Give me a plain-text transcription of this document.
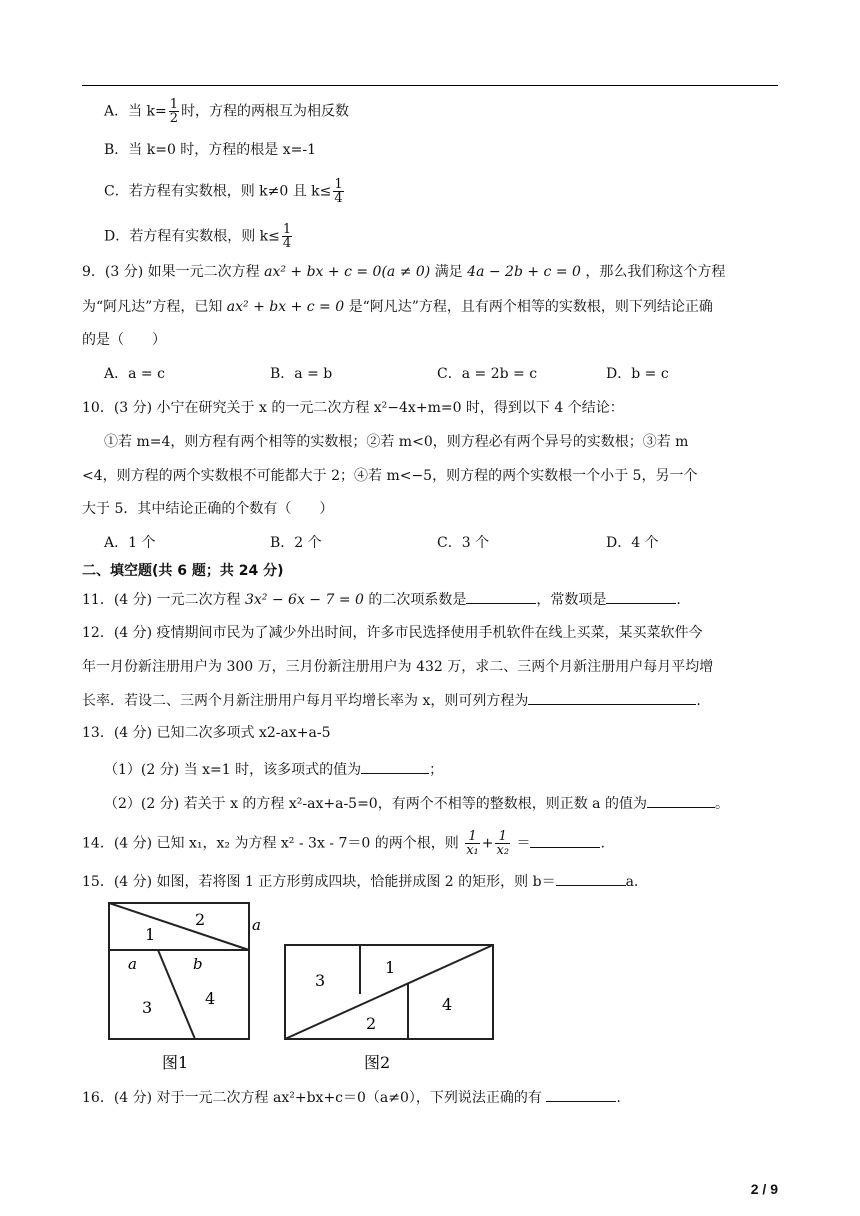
A．当 $k= \frac{1}{2}$ 时，方程的两根互为相反数
B．当 k=0 时，方程的根是 x=-1
C．若方程有实数根，则 k≠0 且 $k\le \frac{1}{4}$
D．若方程有实数根，则 $k\le \frac{1}{4}$
9．(3 分) 如果一元二次方程 ax² + bx + c = 0(a ≠ 0) 满足 4a − 2b + c = 0 ，那么我们称这个方程
为“阿凡达”方程，已知 ax² + bx + c = 0 是“阿凡达”方程，且有两个相等的实数根，则下列结论正确
的是（　　）
A．a = c	B．a = b	C．a = 2b = c	D．b = c
10．(3 分) 小宁在研究关于 x 的一元二次方程 x²−4x+m=0 时，得到以下 4 个结论：
①若 m=4，则方程有两个相等的实数根；②若 m<0，则方程必有两个异号的实数根；③若 m
<4，则方程的两个实数根不可能都大于 2；④若 m<−5，则方程的两个实数根一个小于 5，另一个
大于 5．其中结论正确的个数有（　　）
A．1 个	B．2 个	C．3 个	D．4 个
二、填空题(共 6 题；共 24 分)
11．(4 分) 一元二次方程 3x² − 6x − 7 = 0 的二次项系数是	，常数项是	.
12．(4 分) 疫情期间市民为了减少外出时间，许多市民选择使用手机软件在线上买菜，某买菜软件今
年一月份新注册用户为 300 万，三月份新注册用户为 432 万，求二、三两个月新注册用户每月平均增
长率．若设二、三两个月新注册用户每月平均增长率为 x，则可列方程为	.
13．(4 分) 已知二次多项式 x2-ax+a-5
（1）(2 分) 当 x=1 时，该多项式的值为	；
（2）(2 分) 若关于 x 的方程 x²-ax+a-5=0，有两个不相等的整数根，则正数 a 的值为	。
14．(4 分) 已知 x₁，x₂ 为方程 x² - 3x - 7＝0 的两个根，则 $\frac{1}{\text{x₁}} + \frac{1}{\text{x₂}}$ ＝	.
15．(4 分) 如图，若将图 1 正方形剪成四块，恰能拼成图 2 的矩形，则 b＝	a.
2
1	a
a	b
3	4
图1
3
1
2
4
图2
16．(4 分) 对于一元二次方程 ax²+bx+c＝0（a≠0），下列说法正确的有	.
2 / 9
